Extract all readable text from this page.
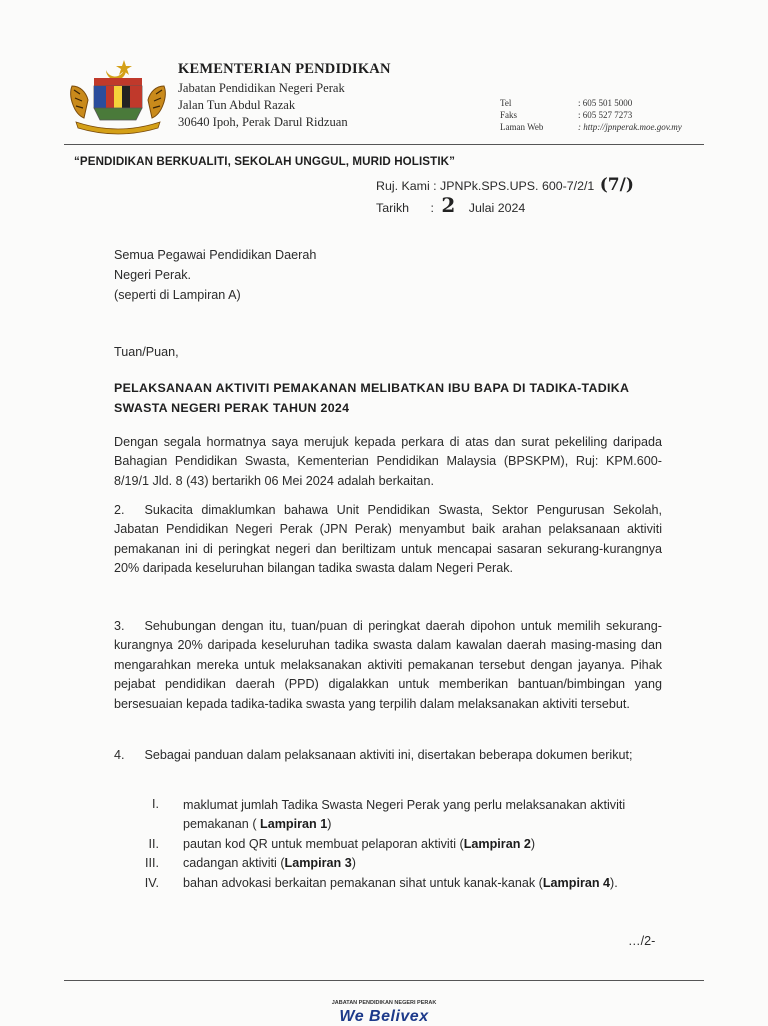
KEMENTERIAN PENDIDIKAN
Jabatan Pendidikan Negeri Perak
Jalan Tun Abdul Razak
30640 Ipoh, Perak Darul Ridzuan
Tel	: 605 501 5000
Faks	: 605 527 7273
Laman Web	: http://jpnperak.moe.gov.my
“PENDIDIKAN BERKUALITI, SEKOLAH UNGGUL, MURID HOLISTIK”
Ruj. Kami : JPNPk.SPS.UPS. 600-7/2/1 (7/)
Tarikh : 2 Julai 2024
Semua Pegawai Pendidikan Daerah
Negeri Perak.
(seperti di Lampiran A)
Tuan/Puan,
PELAKSANAAN AKTIVITI PEMAKANAN MELIBATKAN IBU BAPA DI TADIKA-TADIKA SWASTA NEGERI PERAK TAHUN 2024
Dengan segala hormatnya saya merujuk kepada perkara di atas dan surat pekeliling daripada Bahagian Pendidikan Swasta, Kementerian Pendidikan Malaysia (BPSKPM), Ruj: KPM.600-8/19/1 Jld. 8 (43) bertarikh 06 Mei 2024 adalah berkaitan.
2. Sukacita dimaklumkan bahawa Unit Pendidikan Swasta, Sektor Pengurusan Sekolah, Jabatan Pendidikan Negeri Perak (JPN Perak) menyambut baik arahan pelaksanaan aktiviti pemakanan ini di peringkat negeri dan beriltizam untuk mencapai sasaran sekurang-kurangnya 20% daripada keseluruhan bilangan tadika swasta dalam Negeri Perak.
3. Sehubungan dengan itu, tuan/puan di peringkat daerah dipohon untuk memilih sekurang-kurangnya 20% daripada keseluruhan tadika swasta dalam kawalan daerah masing-masing dan mengarahkan mereka untuk melaksanakan aktiviti pemakanan tersebut dengan jayanya. Pihak pejabat pendidikan daerah (PPD) digalakkan untuk memberikan bantuan/bimbingan yang bersesuaian kepada tadika-tadika swasta yang terpilih dalam melaksanakan aktiviti tersebut.
4. Sebagai panduan dalam pelaksanaan aktiviti ini, disertakan beberapa dokumen berikut;
I. maklumat jumlah Tadika Swasta Negeri Perak yang perlu melaksanakan aktiviti pemakanan ( Lampiran 1)
II. pautan kod QR untuk membuat pelaporan aktiviti (Lampiran 2)
III. cadangan aktiviti (Lampiran 3)
IV. bahan advokasi berkaitan pemakanan sihat untuk kanak-kanak (Lampiran 4).
…/2-
JABATAN PENDIDIKAN NEGERI PERAK
We Belivex
